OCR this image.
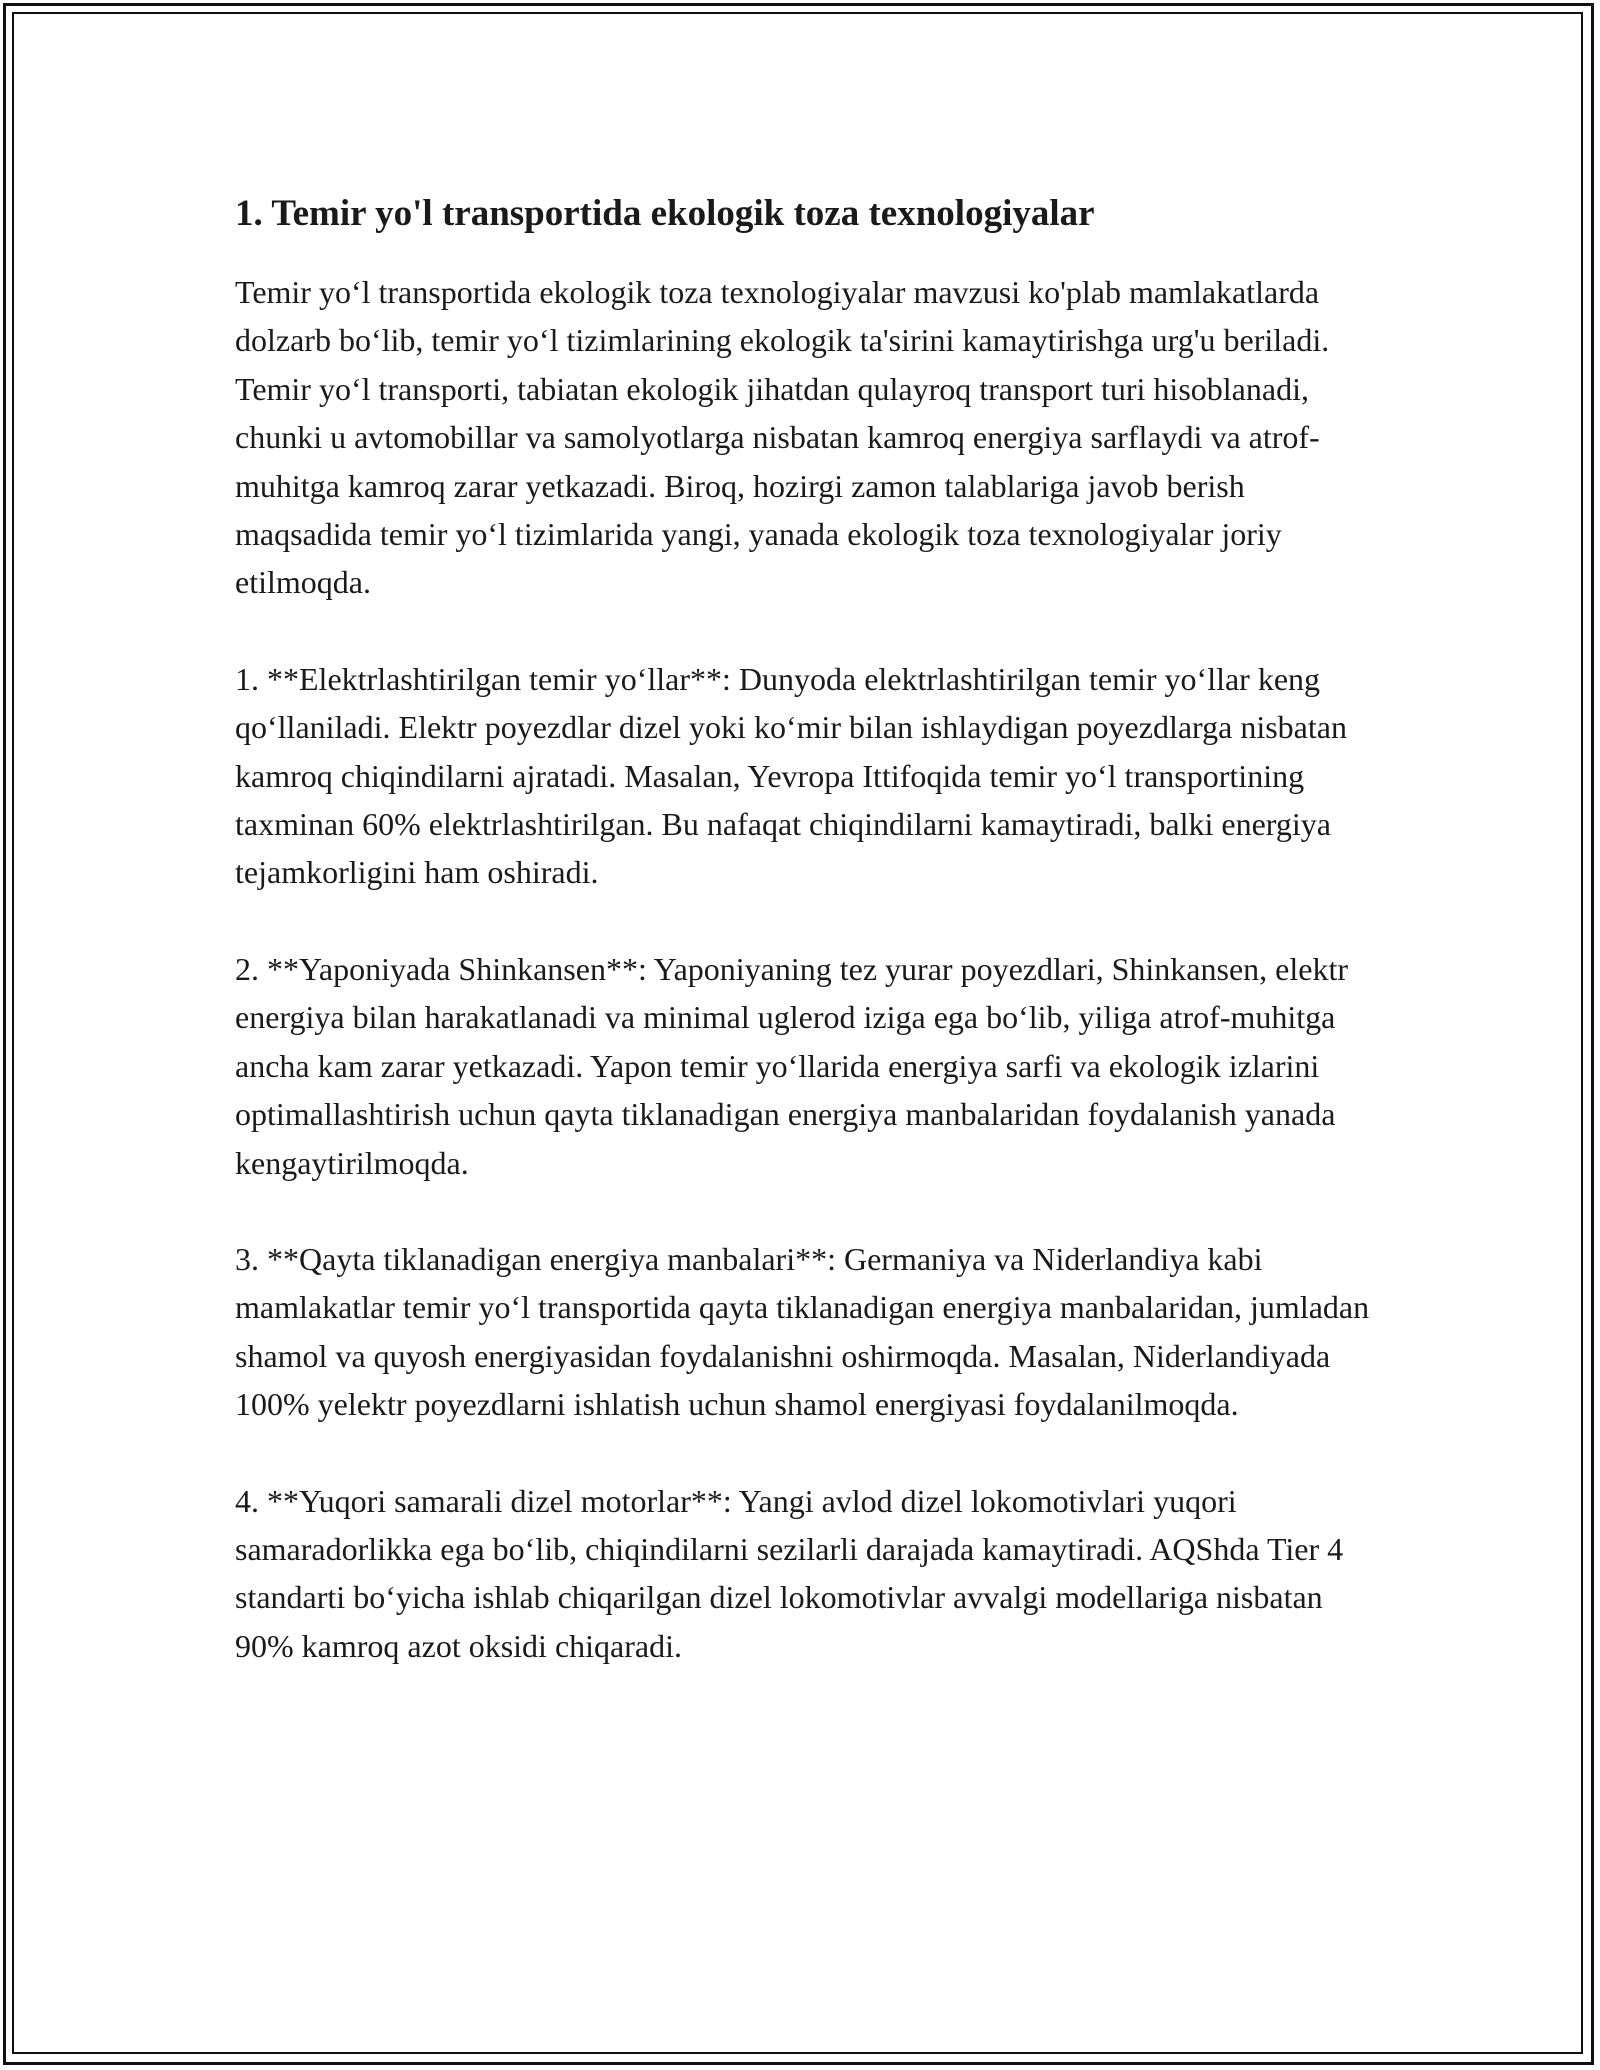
1. Temir yo'l transportida ekologik toza texnologiyalar

Temir yo‘l transportida ekologik toza texnologiyalar mavzusi ko'plab mamlakatlarda dolzarb bo‘lib, temir yo‘l tizimlarining ekologik ta'sirini kamaytirishga urg'u beriladi. Temir yo‘l transporti, tabiatan ekologik jihatdan qulayroq transport turi hisoblanadi, chunki u avtomobillar va samolyotlarga nisbatan kamroq energiya sarflaydi va atrof-muhitga kamroq zarar yetkazadi. Biroq, hozirgi zamon talablariga javob berish maqsadida temir yo‘l tizimlarida yangi, yanada ekologik toza texnologiyalar joriy etilmoqda.

1. **Elektrlashtirilgan temir yo‘llar**: Dunyoda elektrlashtirilgan temir yo‘llar keng qo‘llaniladi. Elektr poyezdlar dizel yoki ko‘mir bilan ishlaydigan poyezdlarga nisbatan kamroq chiqindilarni ajratadi. Masalan, Yevropa Ittifoqida temir yo‘l transportining taxminan 60% elektrlashtirilgan. Bu nafaqat chiqindilarni kamaytiradi, balki energiya tejamkorligini ham oshiradi.

2. **Yaponiyada Shinkansen**: Yaponiyaning tez yurar poyezdlari, Shinkansen, elektr energiya bilan harakatlanadi va minimal uglerod iziga ega bo‘lib, yiliga atrof-muhitga ancha kam zarar yetkazadi. Yapon temir yo‘llarida energiya sarfi va ekologik izlarini optimallashtirish uchun qayta tiklanadigan energiya manbalaridan foydalanish yanada kengaytirilmoqda.

3. **Qayta tiklanadigan energiya manbalari**: Germaniya va Niderlandiya kabi mamlakatlar temir yo‘l transportida qayta tiklanadigan energiya manbalaridan, jumladan shamol va quyosh energiyasidan foydalanishni oshirmoqda. Masalan, Niderlandiyada 100% yelektr poyezdlarni ishlatish uchun shamol energiyasi foydalanilmoqda.

4. **Yuqori samarali dizel motorlar**: Yangi avlod dizel lokomotivlari yuqori samaradorlikka ega bo‘lib, chiqindilarni sezilarli darajada kamaytiradi. AQShda Tier 4 standarti bo‘yicha ishlab chiqarilgan dizel lokomotivlar avvalgi modellariga nisbatan 90% kamroq azot oksidi chiqaradi.
